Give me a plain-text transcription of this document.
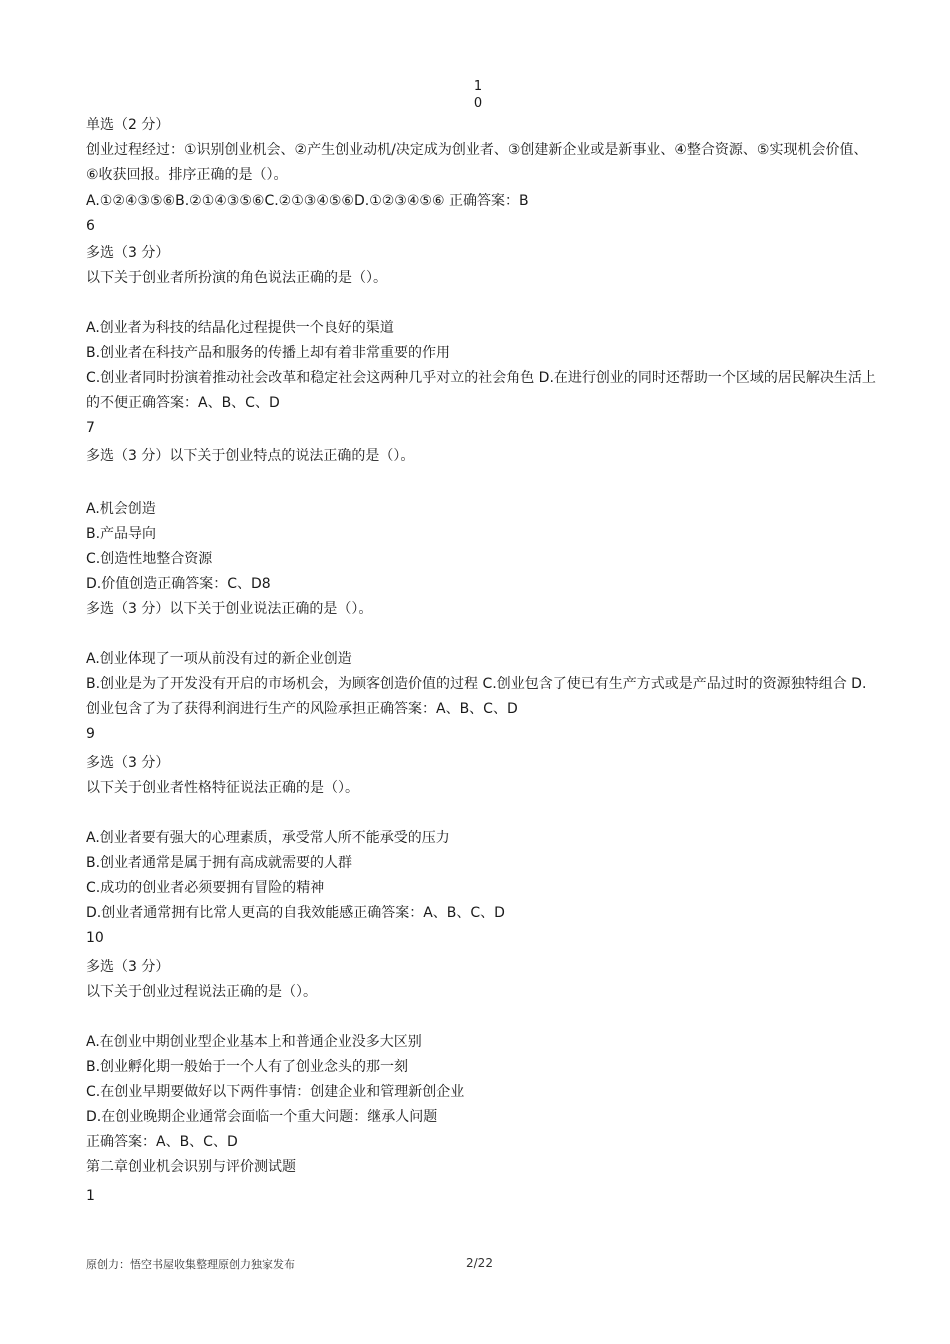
1
0

单选（2 分）

创业过程经过：①识别创业机会、②产生创业动机/决定成为创业者、③创建新企业或是新事业、④整合资源、⑤实现机会价值、⑥收获回报。排序正确的是（）。

A.①②④③⑤⑥B.②①④③⑤⑥C.②①③④⑤⑥D.①②③④⑤⑥ 正确答案：B

6

多选（3 分）

以下关于创业者所扮演的角色说法正确的是（）。

A.创业者为科技的结晶化过程提供一个良好的渠道

B.创业者在科技产品和服务的传播上却有着非常重要的作用

C.创业者同时扮演着推动社会改革和稳定社会这两种几乎对立的社会角色 D.在进行创业的同时还帮助一个区域的居民解决生活上的不便正确答案：A、B、C、D

7

多选（3 分）以下关于创业特点的说法正确的是（）。

A.机会创造

B.产品导向

C.创造性地整合资源

D.价值创造正确答案：C、D8

多选（3 分）以下关于创业说法正确的是（）。

A.创业体现了一项从前没有过的新企业创造

B.创业是为了开发没有开启的市场机会，为顾客创造价值的过程 C.创业包含了使已有生产方式或是产品过时的资源独特组合 D.创业包含了为了获得利润进行生产的风险承担正确答案：A、B、C、D

9

多选（3 分）

以下关于创业者性格特征说法正确的是（）。

A.创业者要有强大的心理素质，承受常人所不能承受的压力

B.创业者通常是属于拥有高成就需要的人群

C.成功的创业者必须要拥有冒险的精神

D.创业者通常拥有比常人更高的自我效能感正确答案：A、B、C、D

10

多选（3 分）

以下关于创业过程说法正确的是（）。

A.在创业中期创业型企业基本上和普通企业没多大区别

B.创业孵化期一般始于一个人有了创业念头的那一刻

C.在创业早期要做好以下两件事情：创建企业和管理新创企业

D.在创业晚期企业通常会面临一个重大问题：继承人问题

正确答案：A、B、C、D

第二章创业机会识别与评价测试题

1

原创力：悟空书屋收集整理原创力独家发布	2/22
